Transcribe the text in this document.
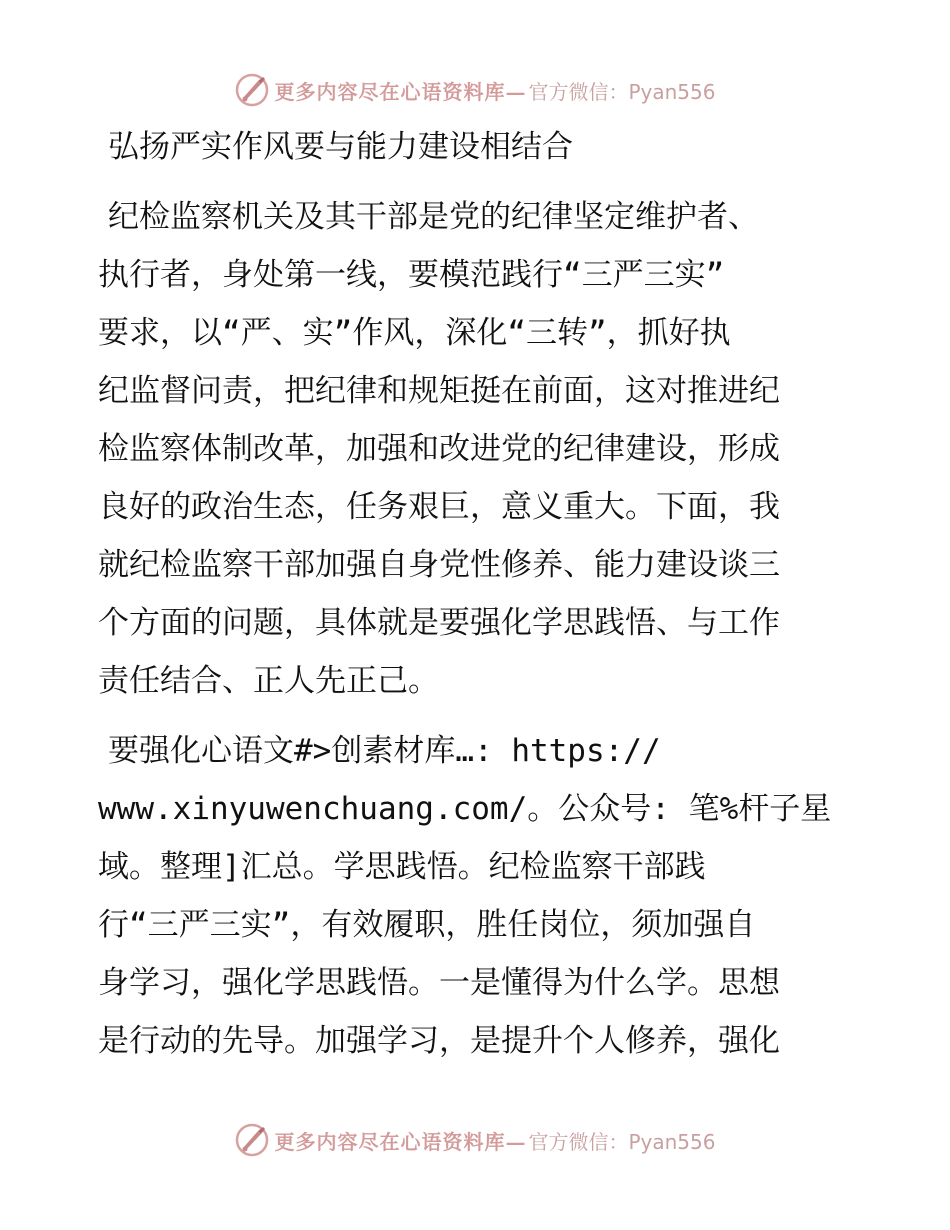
更多内容尽在心语资料库— 官方微信：Pyan556
弘扬严实作风要与能力建设相结合
纪检监察机关及其干部是党的纪律坚定维护者、
执行者，身处第一线，要模范践行“三严三实”
要求，以“严、实”作风，深化“三转”，抓好执
纪监督问责，把纪律和规矩挺在前面，这对推进纪
检监察体制改革，加强和改进党的纪律建设，形成
良好的政治生态，任务艰巨，意义重大。下面，我
就纪检监察干部加强自身党性修养、能力建设谈三
个方面的问题，具体就是要强化学思践悟、与工作
责任结合、正人先正己。
要强化心语文#>创素材库…: https://
www.xinyuwenchuang.com/。公众号: 笔%杆子星
域。整理]汇总。学思践悟。纪检监察干部践
行“三严三实”，有效履职，胜任岗位，须加强自
身学习，强化学思践悟。一是懂得为什么学。思想
是行动的先导。加强学习，是提升个人修养，强化
更多内容尽在心语资料库— 官方微信：Pyan556
